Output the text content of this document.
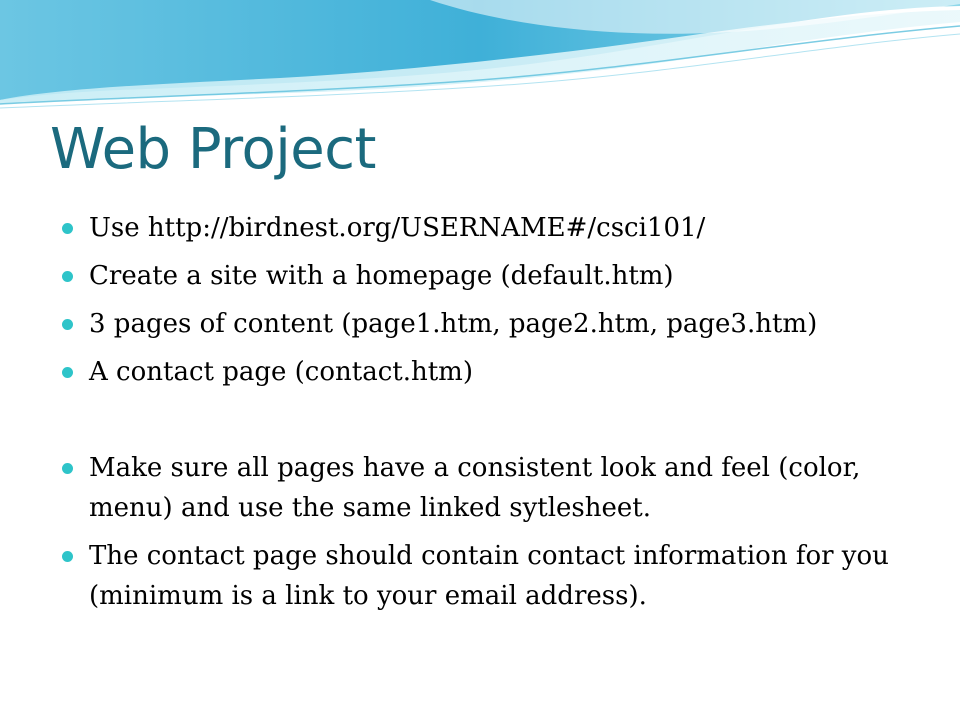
Web Project
Use http://birdnest.org/USERNAME#/csci101/
Create a site with a homepage (default.htm)
3 pages of content (page1.htm, page2.htm, page3.htm)
A contact page (contact.htm)
Make sure all pages have a consistent look and feel (color, menu) and use the same linked sytlesheet.
The contact page should contain contact information for you (minimum is a link to your email address).
